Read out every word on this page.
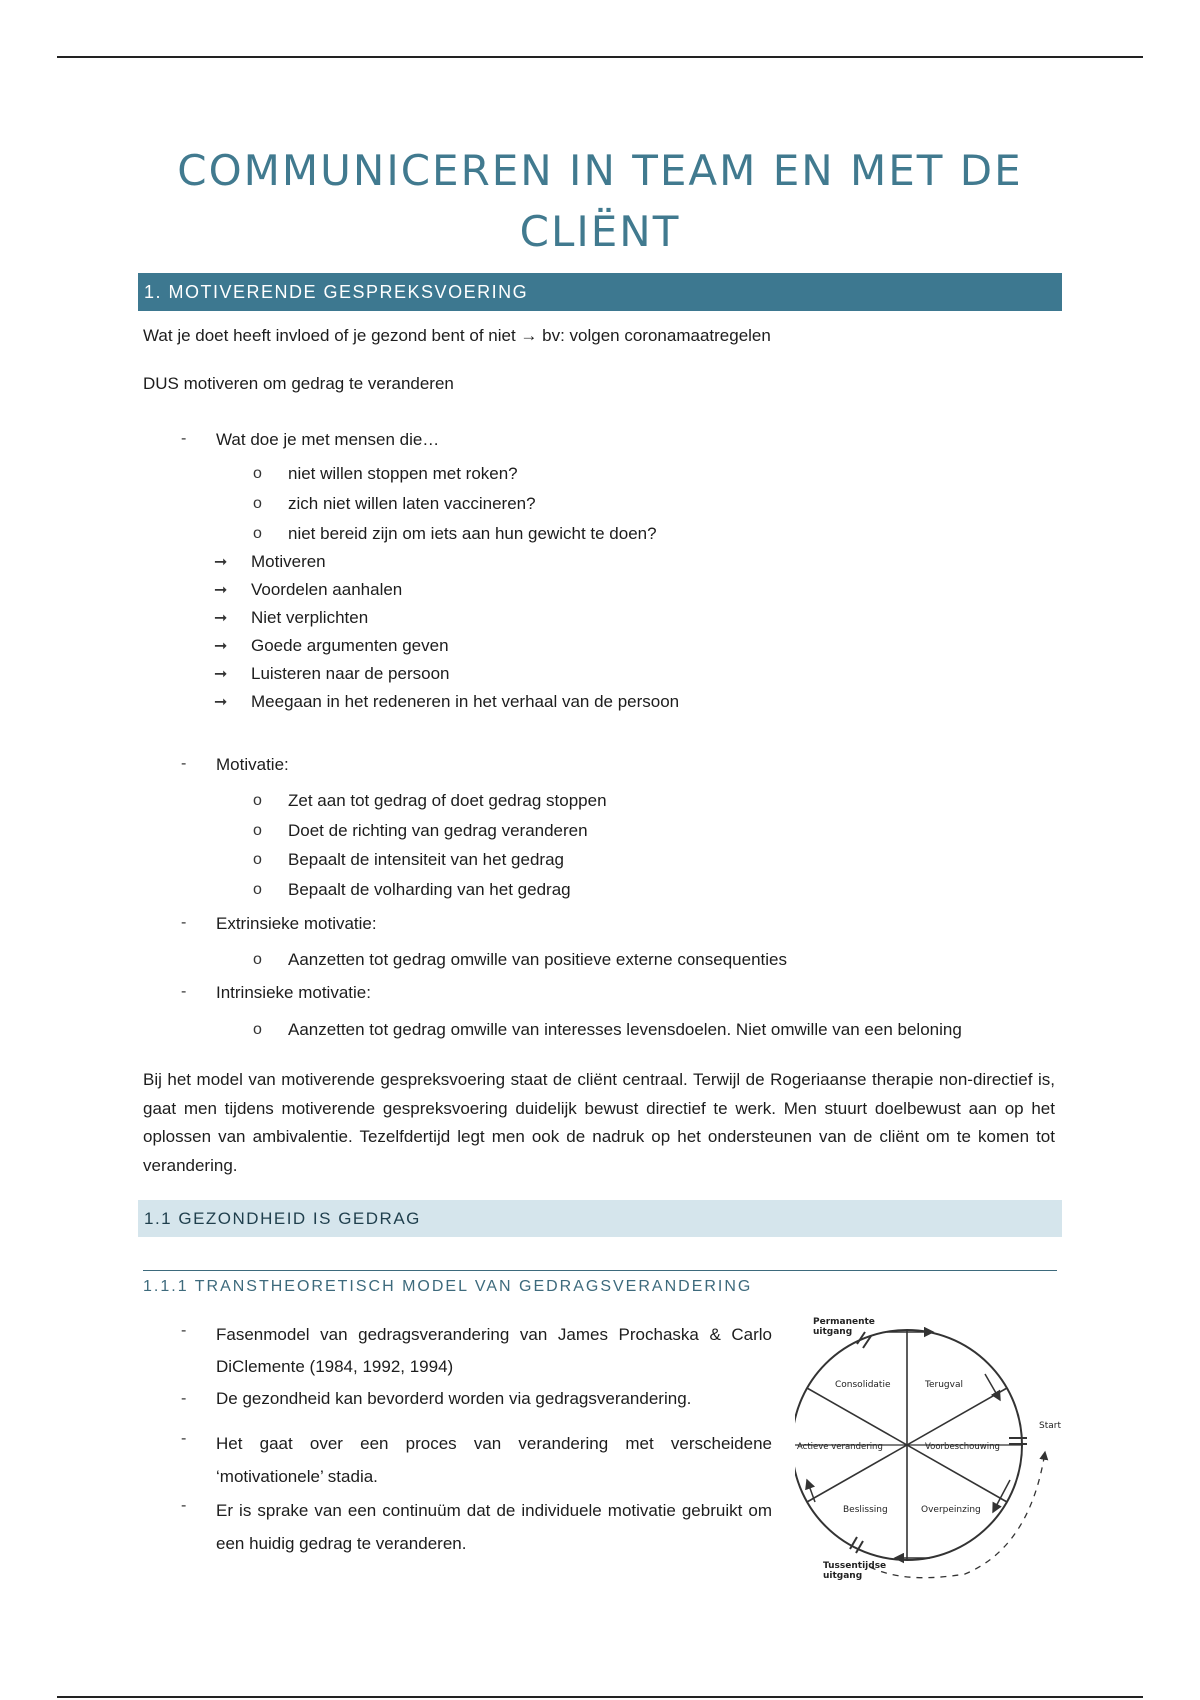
COMMUNICEREN IN TEAM EN MET DE
CLIËNT
1. MOTIVERENDE GESPREKSVOERING
Wat je doet heeft invloed of je gezond bent of niet → bv: volgen coronamaatregelen
DUS motiveren om gedrag te veranderen
- Wat doe je met mensen die…
o niet willen stoppen met roken?
o zich niet willen laten vaccineren?
o niet bereid zijn om iets aan hun gewicht te doen?
➞ Motiveren
➞ Voordelen aanhalen
➞ Niet verplichten
➞ Goede argumenten geven
➞ Luisteren naar de persoon
➞ Meegaan in het redeneren in het verhaal van de persoon
- Motivatie:
o Zet aan tot gedrag of doet gedrag stoppen
o Doet de richting van gedrag veranderen
o Bepaalt de intensiteit van het gedrag
o Bepaalt de volharding van het gedrag
- Extrinsieke motivatie:
o Aanzetten tot gedrag omwille van positieve externe consequenties
- Intrinsieke motivatie:
o Aanzetten tot gedrag omwille van interesses levensdoelen. Niet omwille van een beloning
Bij het model van motiverende gespreksvoering staat de cliënt centraal. Terwijl de Rogeriaanse therapie non-directief is, gaat men tijdens motiverende gespreksvoering duidelijk bewust directief te werk. Men stuurt doelbewust aan op het oplossen van ambivalentie. Tezelfdertijd legt men ook de nadruk op het ondersteunen van de cliënt om te komen tot verandering.
1.1 GEZONDHEID IS GEDRAG
1.1.1 TRANSTHEORETISCH MODEL VAN GEDRAGSVERANDERING
- Fasenmodel van gedragsverandering van James Prochaska & Carlo DiClemente (1984, 1992, 1994)
- De gezondheid kan bevorderd worden via gedragsverandering.
- Het gaat over een proces van verandering met verscheidene ‘motivationele’ stadia.
- Er is sprake van een continuüm dat de individuele motivatie gebruikt om een huidig gedrag te veranderen.
Permanente
uitgang
Consolidatie	Terugval
Start
Actieve verandering	Voorbeschouwing
Beslissing	Overpeinzing
Tussentijdse
uitgang
